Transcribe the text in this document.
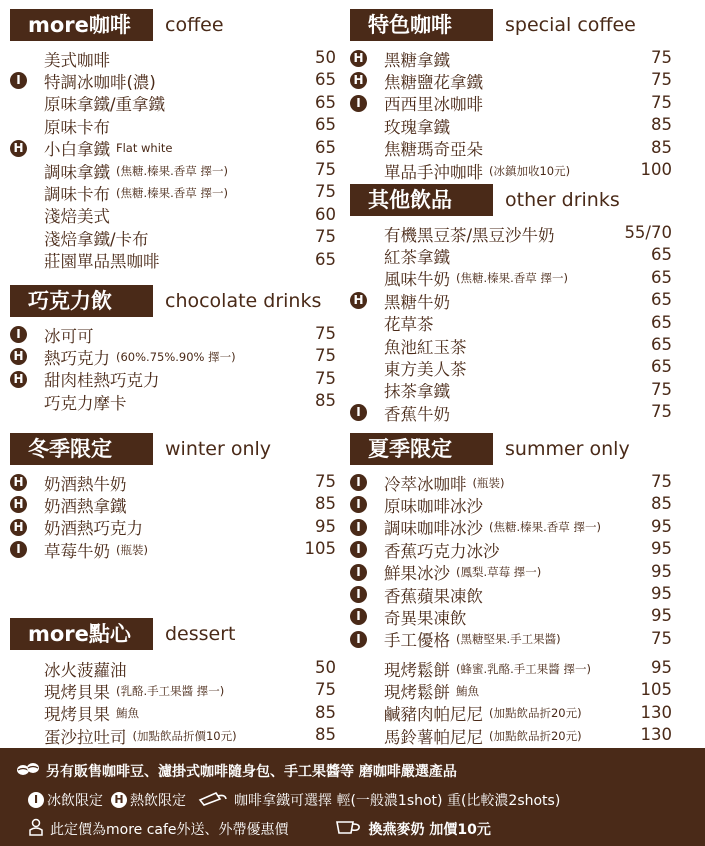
more咖啡	coffee
巧克力飲	chocolate drinks
冬季限定	winter only
more點心	dessert
特色咖啡	special coffee
其他飲品	other drinks
夏季限定	summer only
美式咖啡	50
I	特調冰咖啡(濃)	65
原味拿鐵/重拿鐵	65
原味卡布	65
H 小白拿鐵 Flat white	65
調味拿鐵 (焦糖.榛果.香草 擇一)	75
調味卡布 (焦糖.榛果.香草 擇一)	75
淺焙美式	60
淺焙拿鐵/卡布	75
莊園單品黑咖啡	65
I	冰可可	75
H 熱巧克力 (60%.75%.90% 擇一)	75
H 甜肉桂熱巧克力	75
巧克力摩卡	85
H 奶酒熱牛奶	75
H 奶酒熱拿鐵	85
H 奶酒熱巧克力	95
I	草莓牛奶 (瓶裝)	105
冰火菠蘿油	50
現烤貝果 (乳酪.手工果醬 擇一)	75
現烤貝果 鮪魚	85
蛋沙拉吐司 (加點飲品折價10元)	85
H 黑糖拿鐵	75
H 焦糖鹽花拿鐵	75
I	西西里冰咖啡	75
玫瑰拿鐵	85
焦糖瑪奇亞朵	85
單品手沖咖啡 (冰鎮加收10元)	100
有機黑豆茶/黑豆沙牛奶	55/70
紅茶拿鐵	65
風味牛奶 (焦糖.榛果.香草 擇一)	65
H 黑糖牛奶	65
花草茶	65
魚池紅玉茶	65
東方美人茶	65
抹茶拿鐵	75
I	香蕉牛奶	75
I	冷萃冰咖啡 (瓶裝)	75
I	原味咖啡冰沙	85
I	調味咖啡冰沙 (焦糖.榛果.香草 擇一)	95
I	香蕉巧克力冰沙	95
I	鮮果冰沙 (鳳梨.草莓 擇一)	95
I	香蕉蘋果凍飲	95
I	奇異果凍飲	95
I	手工優格 (黑糖堅果.手工果醬)	75
現烤鬆餅 (蜂蜜.乳酪.手工果醬 擇一)	95
現烤鬆餅 鮪魚	105
鹹豬肉帕尼尼 (加點飲品折20元)	130
馬鈴薯帕尼尼 (加點飲品折20元)	130
另有販售咖啡豆、濾掛式咖啡隨身包、手工果醬等 磨咖啡嚴選產品
I 冰飲限定	H 熱飲限定	咖啡拿鐵可選擇 輕(一般濃1shot) 重(比較濃2shots)
此定價為more cafe外送、外帶優惠價	換燕麥奶 加價10元
